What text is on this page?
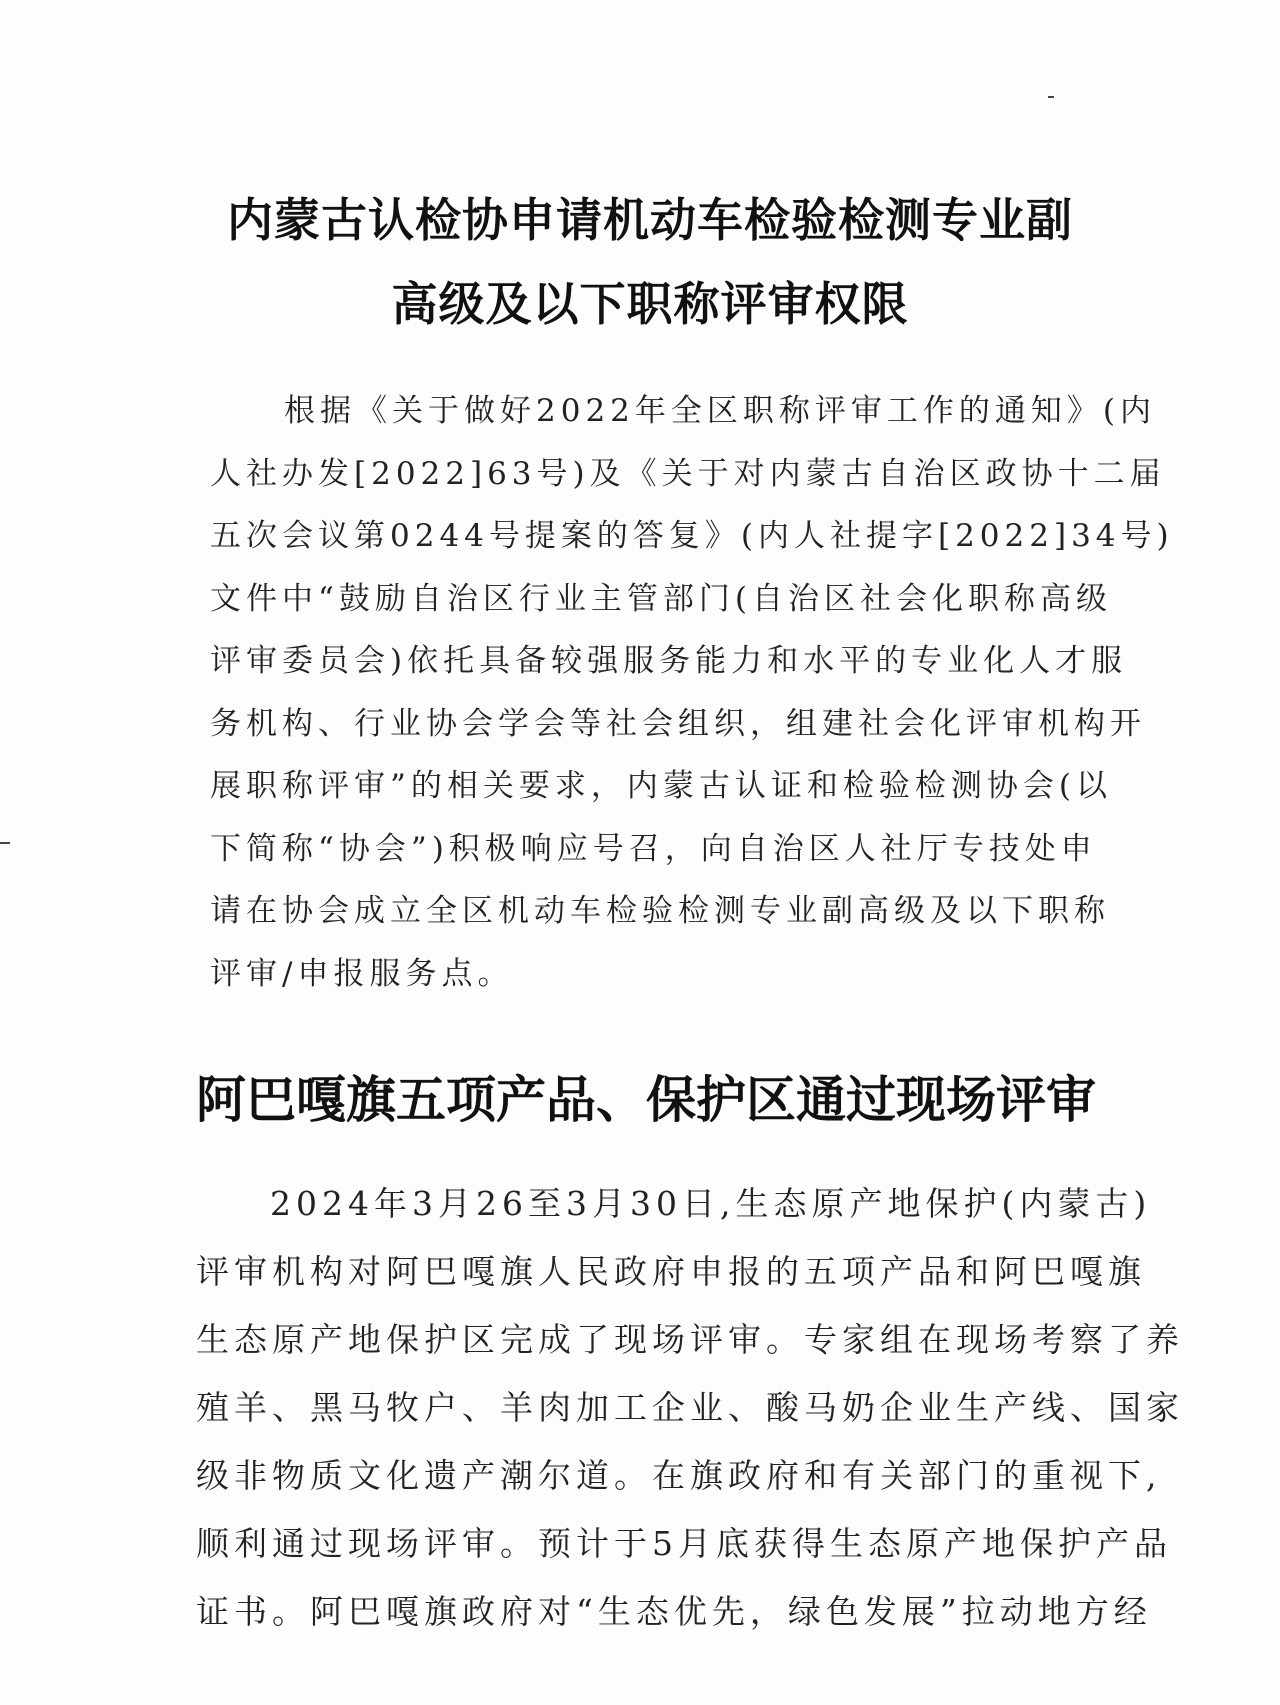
内蒙古认检协申请机动车检验检测专业副
高级及以下职称评审权限
根据《关于做好2022年全区职称评审工作的通知》(内
人社办发[2022]63号)及《关于对内蒙古自治区政协十二届
五次会议第0244号提案的答复》(内人社提字[2022]34号)
文件中“鼓励自治区行业主管部门(自治区社会化职称高级
评审委员会)依托具备较强服务能力和水平的专业化人才服
务机构、行业协会学会等社会组织，组建社会化评审机构开
展职称评审”的相关要求，内蒙古认证和检验检测协会(以
下简称“协会”)积极响应号召，向自治区人社厅专技处申
请在协会成立全区机动车检验检测专业副高级及以下职称
评审/申报服务点。
阿巴嘎旗五项产品、保护区通过现场评审
2024年3月26至3月30日,生态原产地保护(内蒙古)
评审机构对阿巴嘎旗人民政府申报的五项产品和阿巴嘎旗
生态原产地保护区完成了现场评审。专家组在现场考察了养
殖羊、黑马牧户、羊肉加工企业、酸马奶企业生产线、国家
级非物质文化遗产潮尔道。在旗政府和有关部门的重视下,
顺利通过现场评审。预计于5月底获得生态原产地保护产品
证书。阿巴嘎旗政府对“生态优先，绿色发展”拉动地方经
